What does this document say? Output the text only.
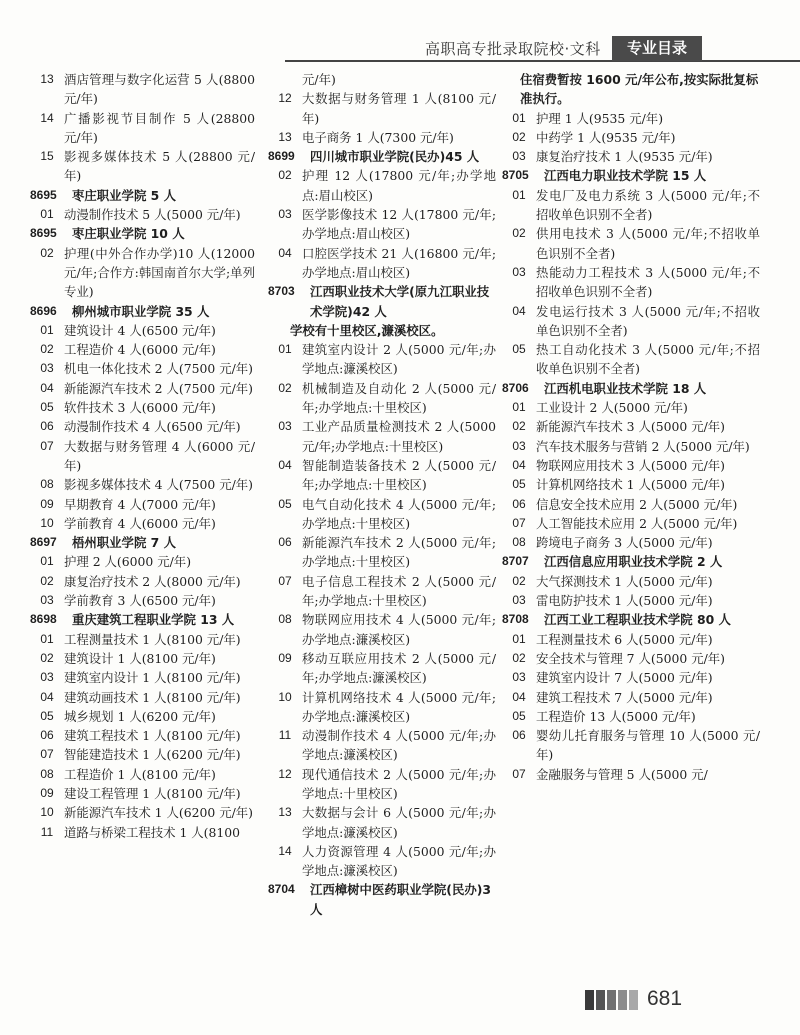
高职高专批录取院校·文科	专业目录
13 酒店管理与数字化运营 5 人(8800 元/年)
14 广播影视节目制作 5 人(28800 元/年)
15 影视多媒体技术 5 人(28800 元/年)
8695	枣庄职业学院 5 人
01 动漫制作技术 5 人(5000 元/年)
8695	枣庄职业学院 10 人
02 护理(中外合作办学)10 人(12000 元/年;合作方:韩国南首尔大学;单列专业)
8696	柳州城市职业学院 35 人
01 建筑设计 4 人(6500 元/年)
02 工程造价 4 人(6000 元/年)
03 机电一体化技术 2 人(7500 元/年)
04 新能源汽车技术 2 人(7500 元/年)
05 软件技术 3 人(6000 元/年)
06 动漫制作技术 4 人(6500 元/年)
07 大数据与财务管理 4 人(6000 元/年)
08 影视多媒体技术 4 人(7500 元/年)
09 早期教育 4 人(7000 元/年)
10 学前教育 4 人(6000 元/年)
8697	梧州职业学院 7 人
01 护理 2 人(6000 元/年)
02 康复治疗技术 2 人(8000 元/年)
03 学前教育 3 人(6500 元/年)
8698	重庆建筑工程职业学院 13 人
01 工程测量技术 1 人(8100 元/年)
02 建筑设计 1 人(8100 元/年)
03 建筑室内设计 1 人(8100 元/年)
04 建筑动画技术 1 人(8100 元/年)
05 城乡规划 1 人(6200 元/年)
06 建筑工程技术 1 人(8100 元/年)
07 智能建造技术 1 人(6200 元/年)
08 工程造价 1 人(8100 元/年)
09 建设工程管理 1 人(8100 元/年)
10 新能源汽车技术 1 人(6200 元/年)
11 道路与桥梁工程技术 1 人(8100
元/年)
12 大数据与财务管理 1 人(8100 元/年)
13 电子商务 1 人(7300 元/年)
8699	四川城市职业学院(民办)45 人
02 护理 12 人(17800 元/年;办学地点:眉山校区)
03 医学影像技术 12 人(17800 元/年;办学地点:眉山校区)
04 口腔医学技术 21 人(16800 元/年;办学地点:眉山校区)
8703	江西职业技术大学(原九江职业技术学院)42 人
学校有十里校区,濂溪校区。
01 建筑室内设计 2 人(5000 元/年;办学地点:濂溪校区)
02 机械制造及自动化 2 人(5000 元/年;办学地点:十里校区)
03 工业产品质量检测技术 2 人(5000 元/年;办学地点:十里校区)
04 智能制造装备技术 2 人(5000 元/年;办学地点:十里校区)
05 电气自动化技术 4 人(5000 元/年;办学地点:十里校区)
06 新能源汽车技术 2 人(5000 元/年;办学地点:十里校区)
07 电子信息工程技术 2 人(5000 元/年;办学地点:十里校区)
08 物联网应用技术 4 人(5000 元/年;办学地点:濂溪校区)
09 移动互联应用技术 2 人(5000 元/年;办学地点:濂溪校区)
10 计算机网络技术 4 人(5000 元/年;办学地点:濂溪校区)
11 动漫制作技术 4 人(5000 元/年;办学地点:濂溪校区)
12 现代通信技术 2 人(5000 元/年;办学地点:十里校区)
13 大数据与会计 6 人(5000 元/年;办学地点:濂溪校区)
14 人力资源管理 4 人(5000 元/年;办学地点:濂溪校区)
8704	江西樟树中医药职业学院(民办)3 人
住宿费暂按 1600 元/年公布,按实际批复标准执行。
01 护理 1 人(9535 元/年)
02 中药学 1 人(9535 元/年)
03 康复治疗技术 1 人(9535 元/年)
8705	江西电力职业技术学院 15 人
01 发电厂及电力系统 3 人(5000 元/年;不招收单色识别不全者)
02 供用电技术 3 人(5000 元/年;不招收单色识别不全者)
03 热能动力工程技术 3 人(5000 元/年;不招收单色识别不全者)
04 发电运行技术 3 人(5000 元/年;不招收单色识别不全者)
05 热工自动化技术 3 人(5000 元/年;不招收单色识别不全者)
8706	江西机电职业技术学院 18 人
01 工业设计 2 人(5000 元/年)
02 新能源汽车技术 3 人(5000 元/年)
03 汽车技术服务与营销 2 人(5000 元/年)
04 物联网应用技术 3 人(5000 元/年)
05 计算机网络技术 1 人(5000 元/年)
06 信息安全技术应用 2 人(5000 元/年)
07 人工智能技术应用 2 人(5000 元/年)
08 跨境电子商务 3 人(5000 元/年)
8707	江西信息应用职业技术学院 2 人
02 大气探测技术 1 人(5000 元/年)
03 雷电防护技术 1 人(5000 元/年)
8708	江西工业工程职业技术学院 80 人
01 工程测量技术 6 人(5000 元/年)
02 安全技术与管理 7 人(5000 元/年)
03 建筑室内设计 7 人(5000 元/年)
04 建筑工程技术 7 人(5000 元/年)
05 工程造价 13 人(5000 元/年)
06 婴幼儿托育服务与管理 10 人(5000 元/年)
07 金融服务与管理 5 人(5000 元/
681
